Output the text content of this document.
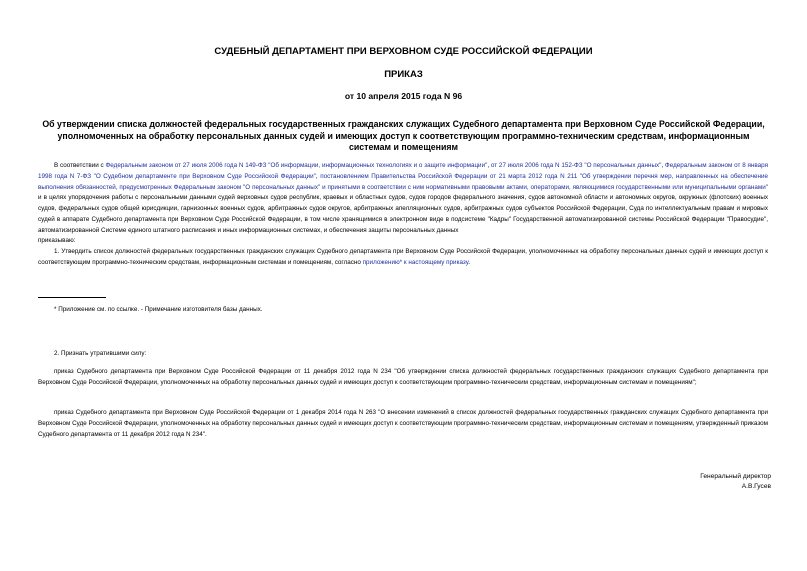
СУДЕБНЫЙ ДЕПАРТАМЕНТ ПРИ ВЕРХОВНОМ СУДЕ РОССИЙСКОЙ ФЕДЕРАЦИИ
ПРИКАЗ
от 10 апреля 2015 года N 96
Об утверждении списка должностей федеральных государственных гражданских служащих Судебного департамента при Верховном Суде Российской Федерации, уполномоченных на обработку персональных данных судей и имеющих доступ к соответствующим программно-техническим средствам, информационным системам и помещениям
В соответствии с Федеральным законом от 27 июля 2006 года N 149-ФЗ "Об информации, информационных технологиях и о защите информации", от 27 июля 2006 года N 152-ФЗ "О персональных данных", Федеральным законом от 8 января 1998 года N 7-ФЗ "О Судебном департаменте при Верховном Суде Российской Федерации", постановлением Правительства Российской Федерации от 21 марта 2012 года N 211 "Об утверждении перечня мер, направленных на обеспечение выполнения обязанностей, предусмотренных Федеральным законом "О персональных данных" и принятыми в соответствии с ним нормативными правовыми актами, операторами, являющимися государственными или муниципальными органами" и в целях упорядочения работы с персональными данными судей верховных судов республик, краевых и областных судов, судов городов федерального значения, судов автономной области и автономных округов, окружных (флотских) военных судов, федеральных судов общей юрисдикции, гарнизонных военных судов, арбитражных судов округов, арбитражных апелляционных судов, арбитражных судов субъектов Российской Федерации, Суда по интеллектуальным правам и мировых судей в аппарате Судебного департамента при Верховном Суде Российской Федерации, в том числе хранящимися в электронном виде в подсистеме "Кадры" Государственной автоматизированной системы Российской Федерации "Правосудие", автоматизированной Системе единого штатного расписания и иных информационных системах, и обеспечения защиты персональных данных
приказываю:
1. Утвердить список должностей федеральных государственных гражданских служащих Судебного департамента при Верховном Суде Российской Федерации, уполномоченных на обработку персональных данных судей и имеющих доступ к соответствующим программно-техническим средствам, информационным системам и помещениям, согласно приложению* к настоящему приказу.
* Приложение см. по ссылке. - Примечание изготовителя базы данных.
2. Признать утратившими силу:
приказ Судебного департамента при Верховном Суде Российской Федерации от 11 декабря 2012 года N 234 "Об утверждении списка должностей федеральных государственных гражданских служащих Судебного департамента при Верховном Суде Российской Федерации, уполномоченных на обработку персональных данных судей и имеющих доступ к соответствующим программно-техническим средствам, информационным системам и помещениям";
приказ Судебного департамента при Верховном Суде Российской Федерации от 1 декабря 2014 года N 263 "О внесении изменений в список должностей федеральных государственных гражданских служащих Судебного департамента при Верховном Суде Российской Федерации, уполномоченных на обработку персональных данных судей и имеющих доступ к соответствующим программно-техническим средствам, информационным системам и помещениям, утвержденный приказом Судебного департамента от 11 декабря 2012 года N 234".
Генеральный директор
А.В.Гусев
